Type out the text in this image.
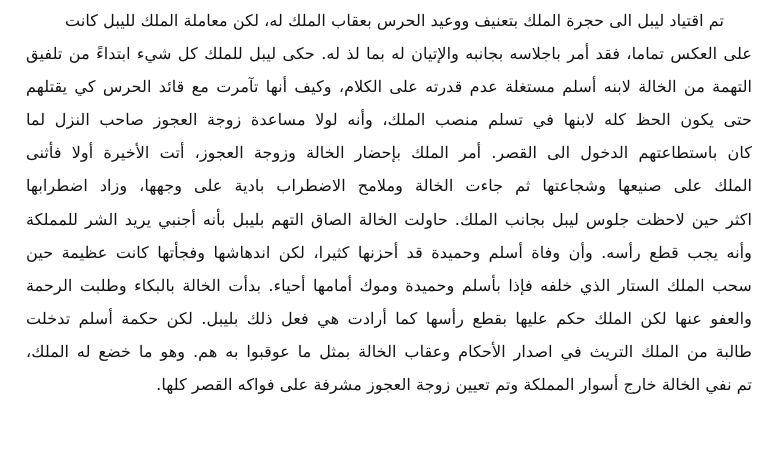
تم اقتياد ليبل الى حجرة الملك بتعنيف ووعيد الحرس بعقاب الملك له، لكن معاملة الملك لليبل كانت
على العكس تماما، فقد أمر باجلاسه بجانبه والإتيان له بما لذ له. حكى ليبل للملك كل شيء ابتداءً من تلفيق
التهمة من الخالة لابنه أسلم مستغلة عدم قدرته على الكلام، وكيف أنها تآمرت مع قائد الحرس كي يقتلهم
حتى يكون الحظ كله لابنها في تسلم منصب الملك، وأنه لولا مساعدة زوجة العجوز صاحب النزل لما
كان باستطاعتهم الدخول الى القصر. أمر الملك بإحضار الخالة وزوجة العجوز، أتت الأخيرة أولا فأثنى
الملك على صنيعها وشجاعتها ثم جاءت الخالة وملامح الاضطراب بادية على وجهها، وزاد اضطرابها
اكثر حين لاحظت جلوس ليبل بجانب الملك. حاولت الخالة الصاق التهم بليبل بأنه أجنبي يريد الشر للمملكة
وأنه يجب قطع رأسه. وأن وفاة أسلم وحميدة قد أحزنها كثيرا، لكن اندهاشها وفجأتها كانت عظيمة حين
سحب الملك الستار الذي خلفه فإذا بأسلم وحميدة وموك أمامها أحياء. بدأت الخالة بالبكاء وطلبت الرحمة
والعفو عنها لكن الملك حكم عليها بقطع رأسها كما أرادت هي فعل ذلك بليبل. لكن حكمة أسلم تدخلت
طالبة من الملك التريث في اصدار الأحكام وعقاب الخالة بمثل ما عوقبوا به هم. وهو ما خضع له الملك،
تم نفي الخالة خارج أسوار المملكة وتم تعيين زوجة العجوز مشرفة على فواكه القصر كلها.
